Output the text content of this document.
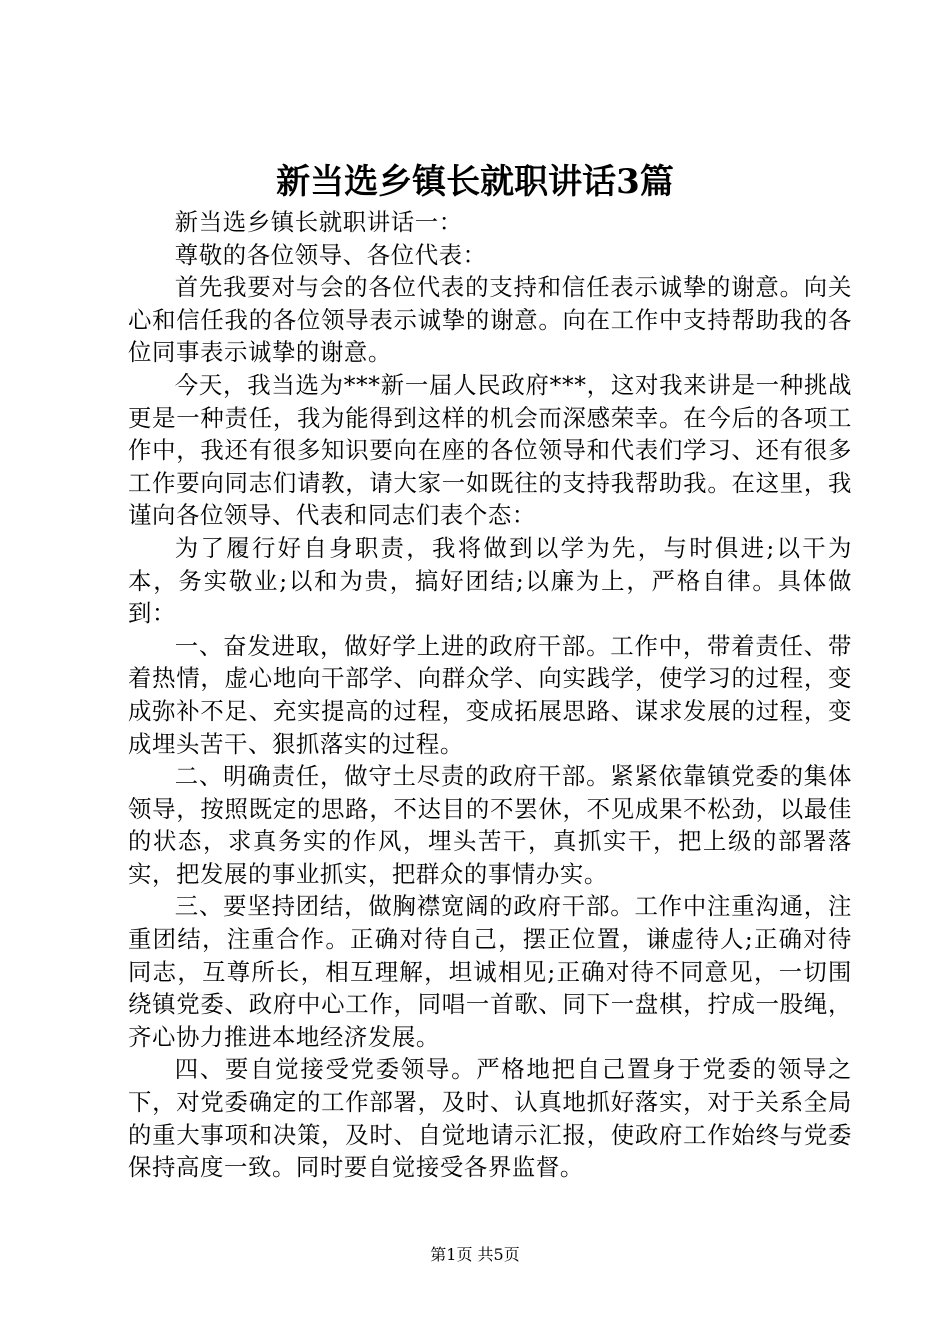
新当选乡镇长就职讲话3篇

新当选乡镇长就职讲话一：

尊敬的各位领导、各位代表：

首先我要对与会的各位代表的支持和信任表示诚挚的谢意。向关心和信任我的各位领导表示诚挚的谢意。向在工作中支持帮助我的各位同事表示诚挚的谢意。

今天，我当选为***新一届人民政府***，这对我来讲是一种挑战更是一种责任，我为能得到这样的机会而深感荣幸。在今后的各项工作中，我还有很多知识要向在座的各位领导和代表们学习、还有很多工作要向同志们请教，请大家一如既往的支持我帮助我。在这里，我谨向各位领导、代表和同志们表个态：

为了履行好自身职责，我将做到以学为先，与时俱进;以干为本，务实敬业;以和为贵，搞好团结;以廉为上，严格自律。具体做到：

一、奋发进取，做好学上进的政府干部。工作中，带着责任、带着热情，虚心地向干部学、向群众学、向实践学，使学习的过程，变成弥补不足、充实提高的过程，变成拓展思路、谋求发展的过程，变成埋头苦干、狠抓落实的过程。

二、明确责任，做守土尽责的政府干部。紧紧依靠镇党委的集体领导，按照既定的思路，不达目的不罢休，不见成果不松劲，以最佳的状态，求真务实的作风，埋头苦干，真抓实干，把上级的部署落实，把发展的事业抓实，把群众的事情办实。

三、要坚持团结，做胸襟宽阔的政府干部。工作中注重沟通，注重团结，注重合作。正确对待自己，摆正位置，谦虚待人;正确对待同志，互尊所长，相互理解，坦诚相见;正确对待不同意见，一切围绕镇党委、政府中心工作，同唱一首歌、同下一盘棋，拧成一股绳，齐心协力推进本地经济发展。

四、要自觉接受党委领导。严格地把自己置身于党委的领导之下，对党委确定的工作部署，及时、认真地抓好落实，对于关系全局的重大事项和决策，及时、自觉地请示汇报，使政府工作始终与党委保持高度一致。同时要自觉接受各界监督。

第1页 共5页
